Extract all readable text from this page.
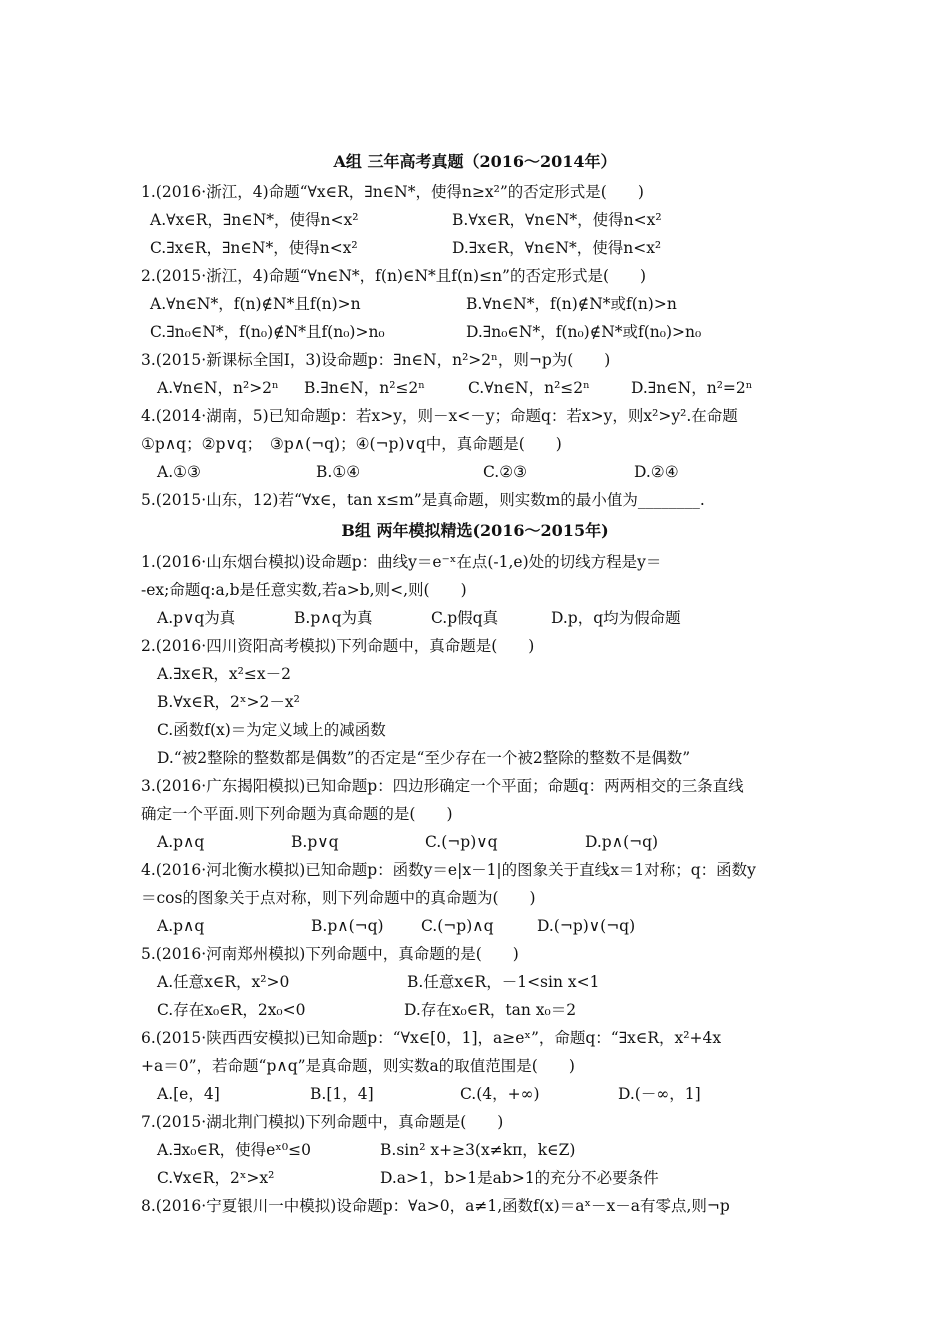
A组 三年高考真题（2016～2014年）
1.(2016·浙江，4)命题“∀x∈R，∃n∈N*，使得n≥x²”的否定形式是(　　)
A.∀x∈R，∃n∈N*，使得n<x²	B.∀x∈R，∀n∈N*，使得n<x²
C.∃x∈R，∃n∈N*，使得n<x²	D.∃x∈R，∀n∈N*，使得n<x²
2.(2015·浙江，4)命题“∀n∈N*，f(n)∈N*且f(n)≤n”的否定形式是(　　)
A.∀n∈N*，f(n)∉N*且f(n)>n	B.∀n∈N*，f(n)∉N*或f(n)>n
C.∃n₀∈N*，f(n₀)∉N*且f(n₀)>n₀	D.∃n₀∈N*，f(n₀)∉N*或f(n₀)>n₀
3.(2015·新课标全国Ⅰ，3)设命题p：∃n∈N，n²>2ⁿ，则¬p为(　　)
A.∀n∈N，n²>2ⁿ B.∃n∈N，n²≤2ⁿ	C.∀n∈N，n²≤2ⁿ	D.∃n∈N，n²=2ⁿ
4.(2014·湖南，5)已知命题p：若x>y，则－x<－y；命题q：若x>y，则x²>y².在命题
①p∧q；②p∨q；　③p∧(¬q)；④(¬p)∨q中，真命题是(　　)
A.①③	B.①④	C.②③	D.②④
5.(2015·山东，12)若“∀x∈，tan x≤m”是真命题，则实数m的最小值为________.
B组 两年模拟精选(2016～2015年)
1.(2016·山东烟台模拟)设命题p：曲线y＝e⁻ˣ在点(-1,e)处的切线方程是y＝
-ex;命题q:a,b是任意实数,若a>b,则<,则(　　)
A.p∨q为真	B.p∧q为真	C.p假q真	D.p，q均为假命题
2.(2016·四川资阳高考模拟)下列命题中，真命题是(　　)
A.∃x∈R，x²≤x－2
B.∀x∈R，2ˣ>2－x²
C.函数f(x)＝为定义域上的减函数
D.“被2整除的整数都是偶数”的否定是“至少存在一个被2整除的整数不是偶数”
3.(2016·广东揭阳模拟)已知命题p：四边形确定一个平面；命题q：两两相交的三条直线
确定一个平面.则下列命题为真命题的是(　　)
A.p∧q	B.p∨q	C.(¬p)∨q	D.p∧(¬q)
4.(2016·河北衡水模拟)已知命题p：函数y＝e|x－1|的图象关于直线x＝1对称；q：函数y
＝cos的图象关于点对称，则下列命题中的真命题为(　　)
A.p∧q	B.p∧(¬q) C.(¬p)∧q	D.(¬p)∨(¬q)
5.(2016·河南郑州模拟)下列命题中，真命题的是(　　)
A.任意x∈R，x²>0	B.任意x∈R，－1<sin x<1
C.存在x₀∈R，2x₀<0	D.存在x₀∈R，tan x₀＝2
6.(2015·陕西西安模拟)已知命题p：“∀x∈[0，1]，a≥eˣ”，命题q：“∃x∈R，x²+4x
+a＝0”，若命题“p∧q”是真命题，则实数a的取值范围是(　　)
A.[e，4]	B.[1，4]	C.(4，+∞)	D.(－∞，1]
7.(2015·湖北荆门模拟)下列命题中，真命题是(　　)
A.∃x₀∈R，使得eˣ⁰≤0	B.sin² x+≥3(x≠kπ，k∈Z)
C.∀x∈R，2ˣ>x²	D.a>1，b>1是ab>1的充分不必要条件
8.(2016·宁夏银川一中模拟)设命题p：∀a>0，a≠1,函数f(x)＝aˣ－x－a有零点,则¬p
